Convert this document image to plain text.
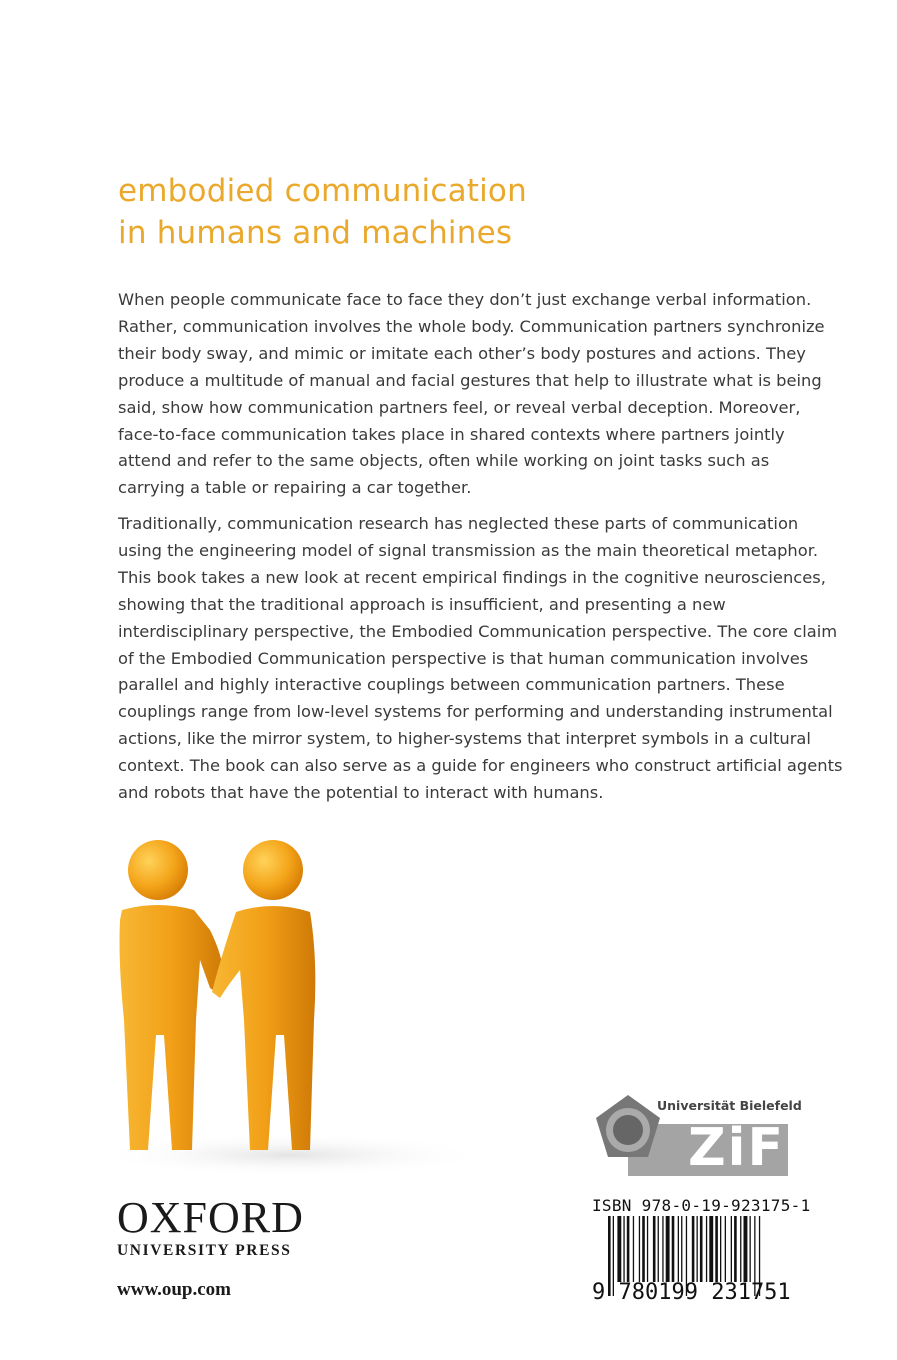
embodied communication
in humans and machines
When people communicate face to face they don’t just exchange verbal information.
Rather, communication involves the whole body. Communication partners synchronize
their body sway, and mimic or imitate each other’s body postures and actions. They
produce a multitude of manual and facial gestures that help to illustrate what is being
said, show how communication partners feel, or reveal verbal deception. Moreover,
face-to-face communication takes place in shared contexts where partners jointly
attend and refer to the same objects, often while working on joint tasks such as
carrying a table or repairing a car together.
Traditionally, communication research has neglected these parts of communication
using the engineering model of signal transmission as the main theoretical metaphor.
This book takes a new look at recent empirical findings in the cognitive neurosciences,
showing that the traditional approach is insufficient, and presenting a new
interdisciplinary perspective, the Embodied Communication perspective. The core claim
of the Embodied Communication perspective is that human communication involves
parallel and highly interactive couplings between communication partners. These
couplings range from low-level systems for performing and understanding instrumental
actions, like the mirror system, to higher-systems that interpret symbols in a cultural
context. The book can also serve as a guide for engineers who construct artificial agents
and robots that have the potential to interact with humans.
OXFORD
UNIVERSITY PRESS
www.oup.com
Universität Bielefeld
ZiF
ISBN 978-0-19-923175-1
9 780199 231751
